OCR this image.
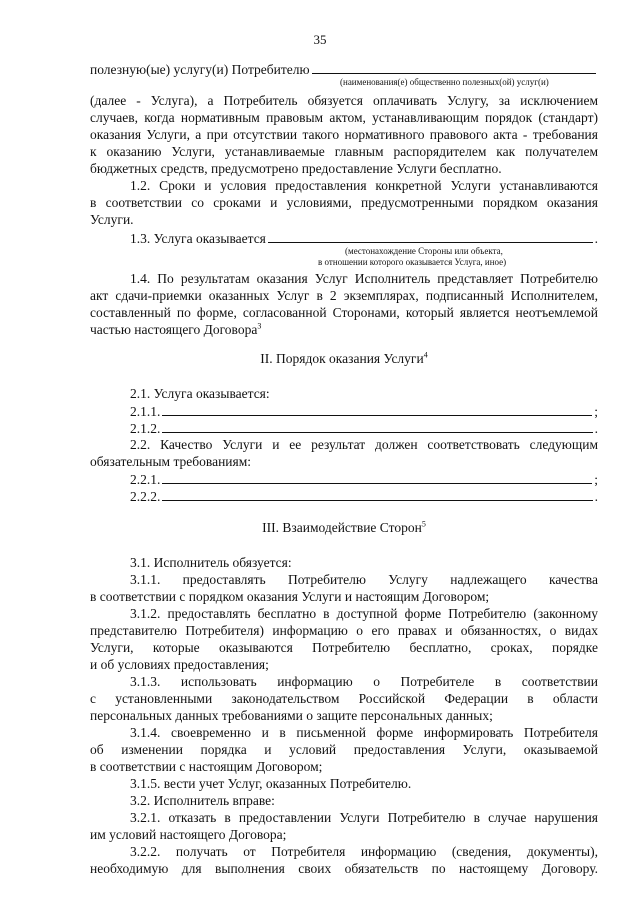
35
полезную(ые) услугу(и) Потребителю
(наименования(е) общественно полезных(ой) услуг(и)
(далее - Услуга), а Потребитель обязуется оплачивать Услугу, за исключением
случаев, когда нормативным правовым актом, устанавливающим порядок (стандарт)
оказания Услуги, а при отсутствии такого нормативного правового акта - требования
к оказанию Услуги, устанавливаемые главным распорядителем как получателем
бюджетных средств, предусмотрено предоставление Услуги бесплатно.
1.2. Сроки и условия предоставления конкретной Услуги устанавливаются
в соответствии со сроками и условиями, предусмотренными порядком оказания
Услуги.
1.3. Услуга оказывается	.
(местонахождение Стороны или объекта,
в отношении которого оказывается Услуга, иное)
1.4. По результатам оказания Услуг Исполнитель представляет Потребителю
акт сдачи-приемки оказанных Услуг в 2 экземплярах, подписанный Исполнителем,
составленный по форме, согласованной Сторонами, который является неотъемлемой
частью настоящего Договора$^3$
II. Порядок оказания Услуги$^4$
2.1. Услуга оказывается:
2.1.1.	;
2.1.2.	.
2.2. Качество Услуги и ее результат должен соответствовать следующим
обязательным требованиям:
2.2.1.	;
2.2.2.	.
III. Взаимодействие Сторон$^5$
3.1. Исполнитель обязуется:
3.1.1. предоставлять Потребителю Услугу надлежащего качества
в соответствии с порядком оказания Услуги и настоящим Договором;
3.1.2. предоставлять бесплатно в доступной форме Потребителю (законному
представителю Потребителя) информацию о его правах и обязанностях, о видах
Услуги, которые оказываются Потребителю бесплатно, сроках, порядке
и об условиях предоставления;
3.1.3. использовать информацию о Потребителе в соответствии
с установленными законодательством Российской Федерации в области
персональных данных требованиями о защите персональных данных;
3.1.4. своевременно и в письменной форме информировать Потребителя
об изменении порядка и условий предоставления Услуги, оказываемой
в соответствии с настоящим Договором;
3.1.5. вести учет Услуг, оказанных Потребителю.
3.2. Исполнитель вправе:
3.2.1. отказать в предоставлении Услуги Потребителю в случае нарушения
им условий настоящего Договора;
3.2.2. получать от Потребителя информацию (сведения, документы),
необходимую для выполнения своих обязательств по настоящему Договору.
